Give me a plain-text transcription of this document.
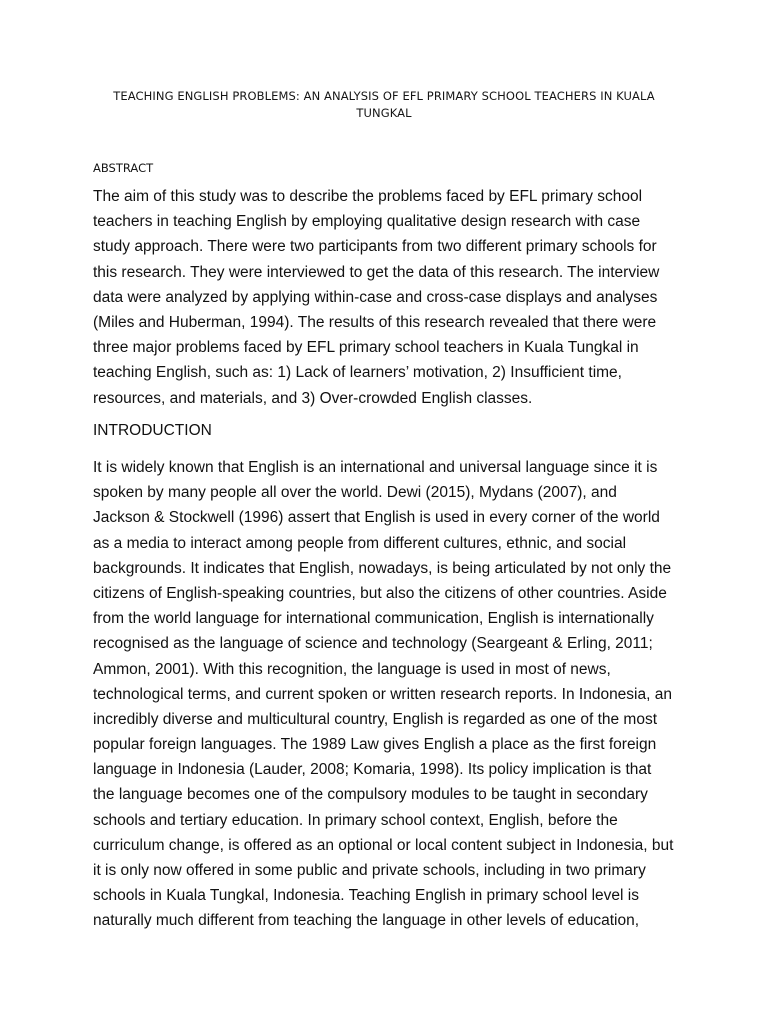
TEACHING ENGLISH PROBLEMS: AN ANALYSIS OF EFL PRIMARY SCHOOL TEACHERS IN KUALA
TUNGKAL
ABSTRACT
The aim of this study was to describe the problems faced by EFL primary school
teachers in teaching English by employing qualitative design research with case
study approach. There were two participants from two different primary schools for
this research. They were interviewed to get the data of this research. The interview
data were analyzed by applying within-case and cross-case displays and analyses
(Miles and Huberman, 1994). The results of this research revealed that there were
three major problems faced by EFL primary school teachers in Kuala Tungkal in
teaching English, such as: 1) Lack of learners’ motivation, 2) Insufficient time,
resources, and materials, and 3) Over-crowded English classes.
INTRODUCTION
It is widely known that English is an international and universal language since it is
spoken by many people all over the world. Dewi (2015), Mydans (2007), and
Jackson & Stockwell (1996) assert that English is used in every corner of the world
as a media to interact among people from different cultures, ethnic, and social
backgrounds. It indicates that English, nowadays, is being articulated by not only the
citizens of English-speaking countries, but also the citizens of other countries. Aside
from the world language for international communication, English is internationally
recognised as the language of science and technology (Seargeant & Erling, 2011;
Ammon, 2001). With this recognition, the language is used in most of news,
technological terms, and current spoken or written research reports. In Indonesia, an
incredibly diverse and multicultural country, English is regarded as one of the most
popular foreign languages. The 1989 Law gives English a place as the first foreign
language in Indonesia (Lauder, 2008; Komaria, 1998). Its policy implication is that
the language becomes one of the compulsory modules to be taught in secondary
schools and tertiary education. In primary school context, English, before the
curriculum change, is offered as an optional or local content subject in Indonesia, but
it is only now offered in some public and private schools, including in two primary
schools in Kuala Tungkal, Indonesia. Teaching English in primary school level is
naturally much different from teaching the language in other levels of education,
